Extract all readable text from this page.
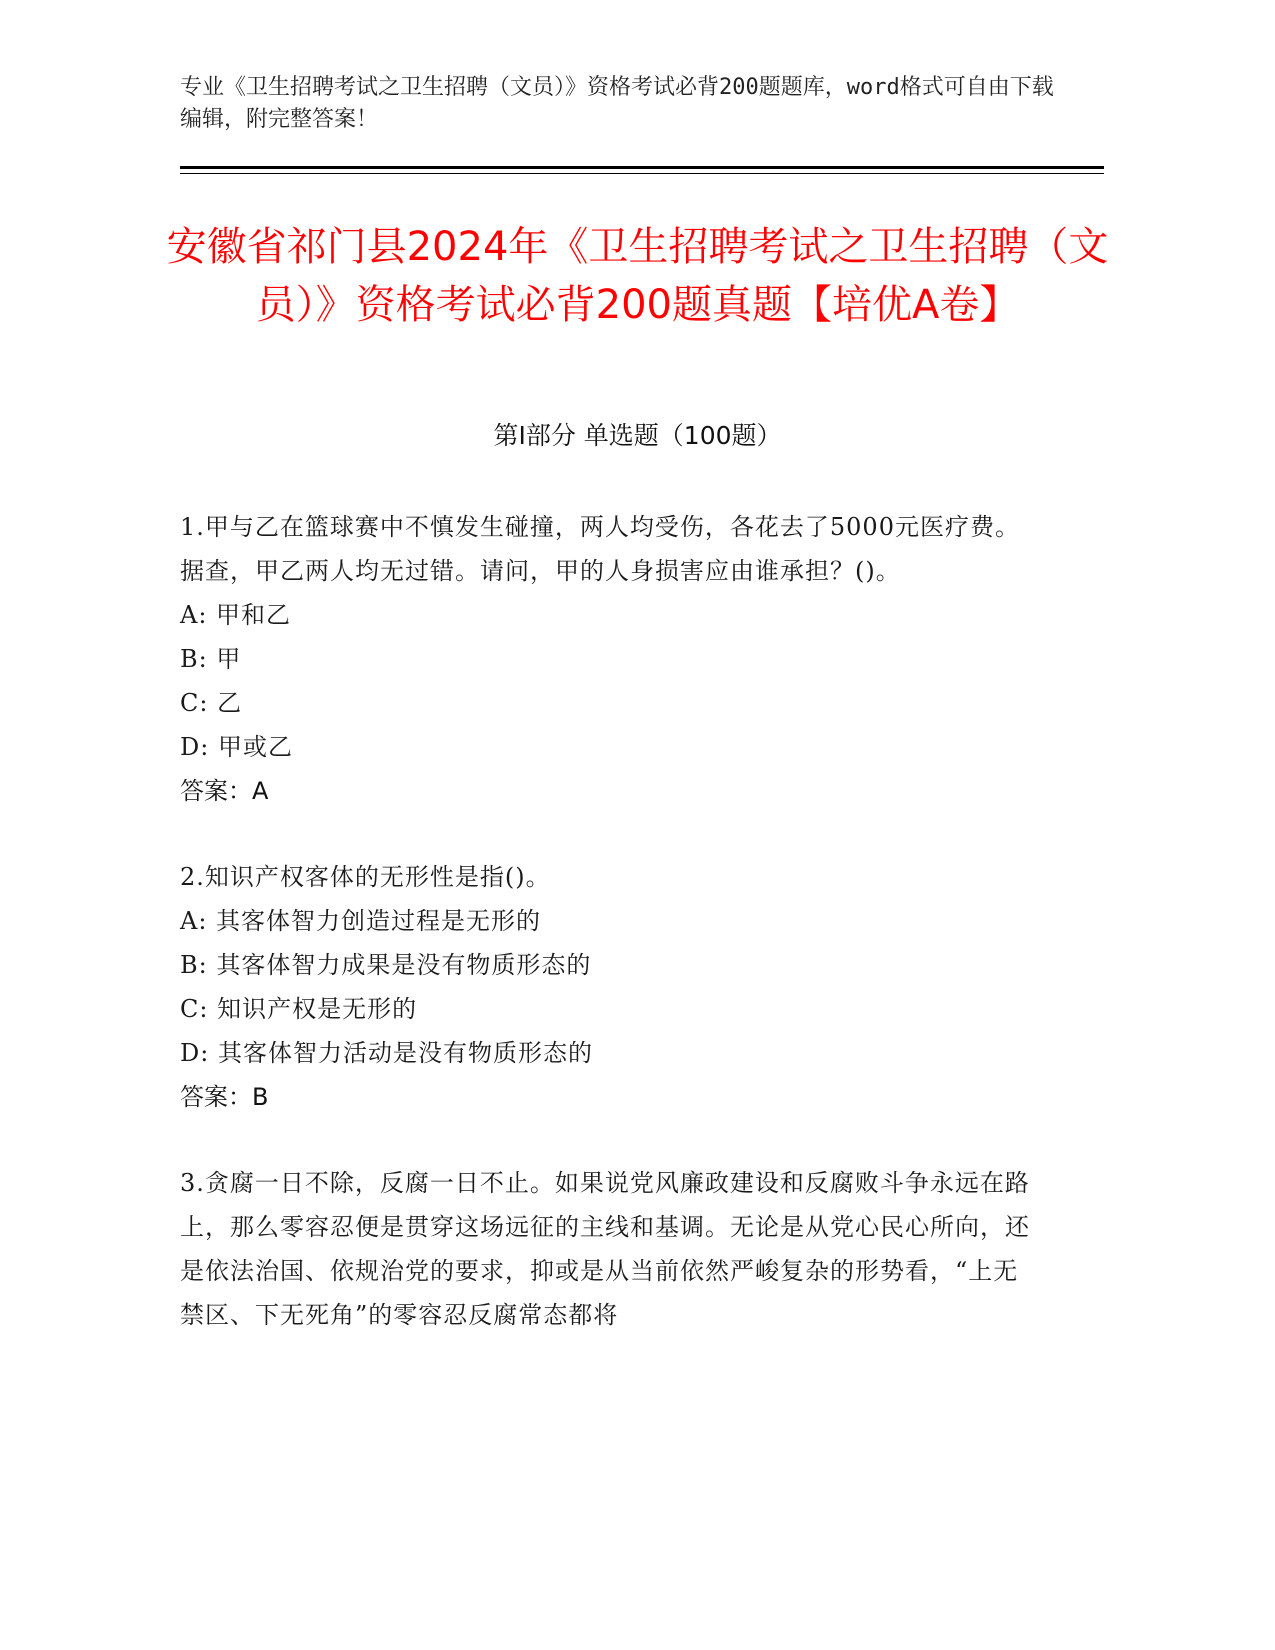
专业《卫生招聘考试之卫生招聘（文员）》资格考试必背200题题库，word格式可自由下载编辑，附完整答案！
安徽省祁门县2024年《卫生招聘考试之卫生招聘（文员）》资格考试必背200题真题【培优A卷】
第Ⅰ部分 单选题（100题）
1.甲与乙在篮球赛中不慎发生碰撞，两人均受伤，各花去了5000元医疗费。据查，甲乙两人均无过错。请问，甲的人身损害应由谁承担？()。
A: 甲和乙
B: 甲
C: 乙
D: 甲或乙
答案：A
2.知识产权客体的无形性是指()。
A: 其客体智力创造过程是无形的
B: 其客体智力成果是没有物质形态的
C: 知识产权是无形的
D: 其客体智力活动是没有物质形态的
答案：B
3.贪腐一日不除，反腐一日不止。如果说党风廉政建设和反腐败斗争永远在路上，那么零容忍便是贯穿这场远征的主线和基调。无论是从党心民心所向，还是依法治国、依规治党的要求，抑或是从当前依然严峻复杂的形势看，“上无禁区、下无死角”的零容忍反腐常态都将
